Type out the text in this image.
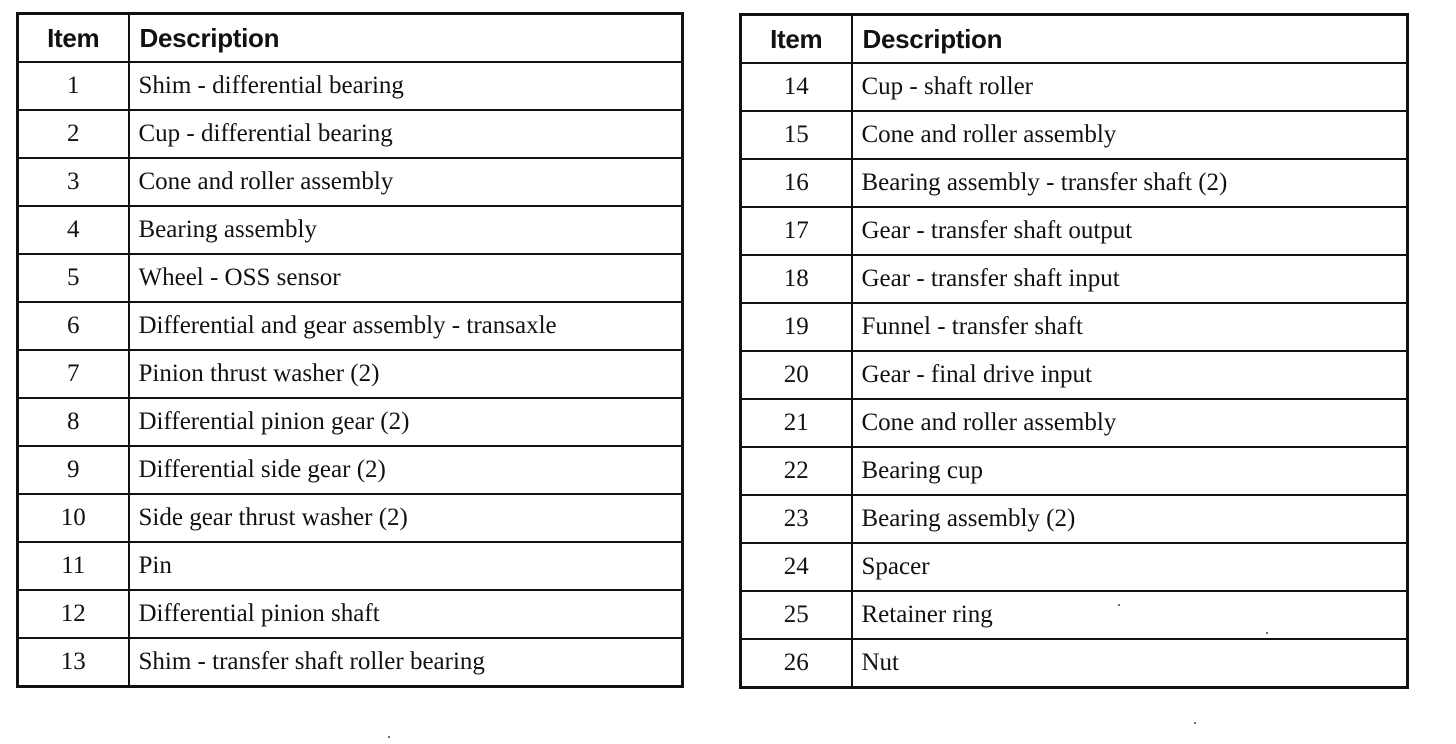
Item	Description
1	Shim - differential bearing
2	Cup - differential bearing
3	Cone and roller assembly
4	Bearing assembly
5	Wheel - OSS sensor
6	Differential and gear assembly - transaxle
7	Pinion thrust washer (2)
8	Differential pinion gear (2)
9	Differential side gear (2)
10	Side gear thrust washer (2)
11	Pin
12	Differential pinion shaft
13	Shim - transfer shaft roller bearing
Item	Description
14	Cup - shaft roller
15	Cone and roller assembly
16	Bearing assembly - transfer shaft (2)
17	Gear - transfer shaft output
18	Gear - transfer shaft input
19	Funnel - transfer shaft
20	Gear - final drive input
21	Cone and roller assembly
22	Bearing cup
23	Bearing assembly (2)
24	Spacer
25	Retainer ring
26	Nut
